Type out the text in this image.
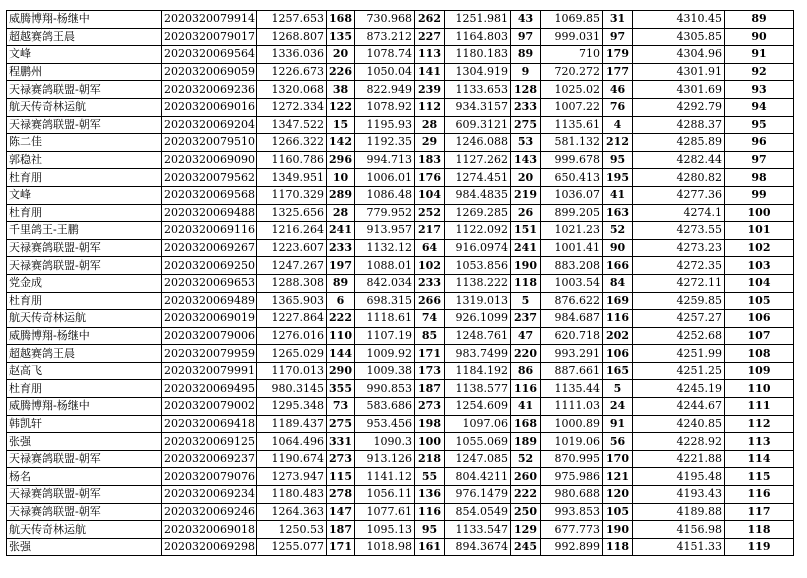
威腾博翔-杨继中	2020320079914	1257.653	168	730.968	262	1251.981	43	1069.85	31	4310.45	89
超越赛鸽王晨	2020320079017	1268.807	135	873.212	227	1164.803	97	999.031	97	4305.85	90
文峰	2020320069564	1336.036	20	1078.74	113	1180.183	89	710	179	4304.96	91
程鹏州	2020320069059	1226.673	226	1050.04	141	1304.919	9	720.272	177	4301.91	92
天禄赛鸽联盟-朝军	2020320069236	1320.068	38	822.949	239	1133.653	128	1025.02	46	4301.69	93
航天传奇林运航	2020320069016	1272.334	122	1078.92	112	934.3157	233	1007.22	76	4292.79	94
天禄赛鸽联盟-朝军	2020320069204	1347.522	15	1195.93	28	609.3121	275	1135.61	4	4288.37	95
陈二佳	2020320079510	1266.322	142	1192.35	29	1246.088	53	581.132	212	4285.89	96
郭稳社	2020320069090	1160.786	296	994.713	183	1127.262	143	999.678	95	4282.44	97
杜育朋	2020320079562	1349.951	10	1006.01	176	1274.451	20	650.413	195	4280.82	98
文峰	2020320069568	1170.329	289	1086.48	104	984.4835	219	1036.07	41	4277.36	99
杜育朋	2020320069488	1325.656	28	779.952	252	1269.285	26	899.205	163	4274.1	100
千里鸽王-王鹏	2020320069116	1216.264	241	913.957	217	1122.092	151	1021.23	52	4273.55	101
天禄赛鸽联盟-朝军	2020320069267	1223.607	233	1132.12	64	916.0974	241	1001.41	90	4273.23	102
天禄赛鸽联盟-朝军	2020320069250	1247.267	197	1088.01	102	1053.856	190	883.208	166	4272.35	103
党金成	2020320069653	1288.308	89	842.034	233	1138.222	118	1003.54	84	4272.11	104
杜育朋	2020320069489	1365.903	6	698.315	266	1319.013	5	876.622	169	4259.85	105
航天传奇林运航	2020320069019	1227.864	222	1118.61	74	926.1099	237	984.687	116	4257.27	106
威腾博翔-杨继中	2020320079006	1276.016	110	1107.19	85	1248.761	47	620.718	202	4252.68	107
超越赛鸽王晨	2020320079959	1265.029	144	1009.92	171	983.7499	220	993.291	106	4251.99	108
赵高飞	2020320079991	1170.013	290	1009.38	173	1184.192	86	887.661	165	4251.25	109
杜育朋	2020320069495	980.3145	355	990.853	187	1138.577	116	1135.44	5	4245.19	110
威腾博翔-杨继中	2020320079002	1295.348	73	583.686	273	1254.609	41	1111.03	24	4244.67	111
韩凯轩	2020320069418	1189.437	275	953.456	198	1097.06	168	1000.89	91	4240.85	112
张强	2020320069125	1064.496	331	1090.3	100	1055.069	189	1019.06	56	4228.92	113
天禄赛鸽联盟-朝军	2020320069237	1190.674	273	913.126	218	1247.085	52	870.995	170	4221.88	114
杨名	2020320079076	1273.947	115	1141.12	55	804.4211	260	975.986	121	4195.48	115
天禄赛鸽联盟-朝军	2020320069234	1180.483	278	1056.11	136	976.1479	222	980.688	120	4193.43	116
天禄赛鸽联盟-朝军	2020320069246	1264.363	147	1077.61	116	854.0549	250	993.853	105	4189.88	117
航天传奇林运航	2020320069018	1250.53	187	1095.13	95	1133.547	129	677.773	190	4156.98	118
张强	2020320069298	1255.077	171	1018.98	161	894.3674	245	992.899	118	4151.33	119
